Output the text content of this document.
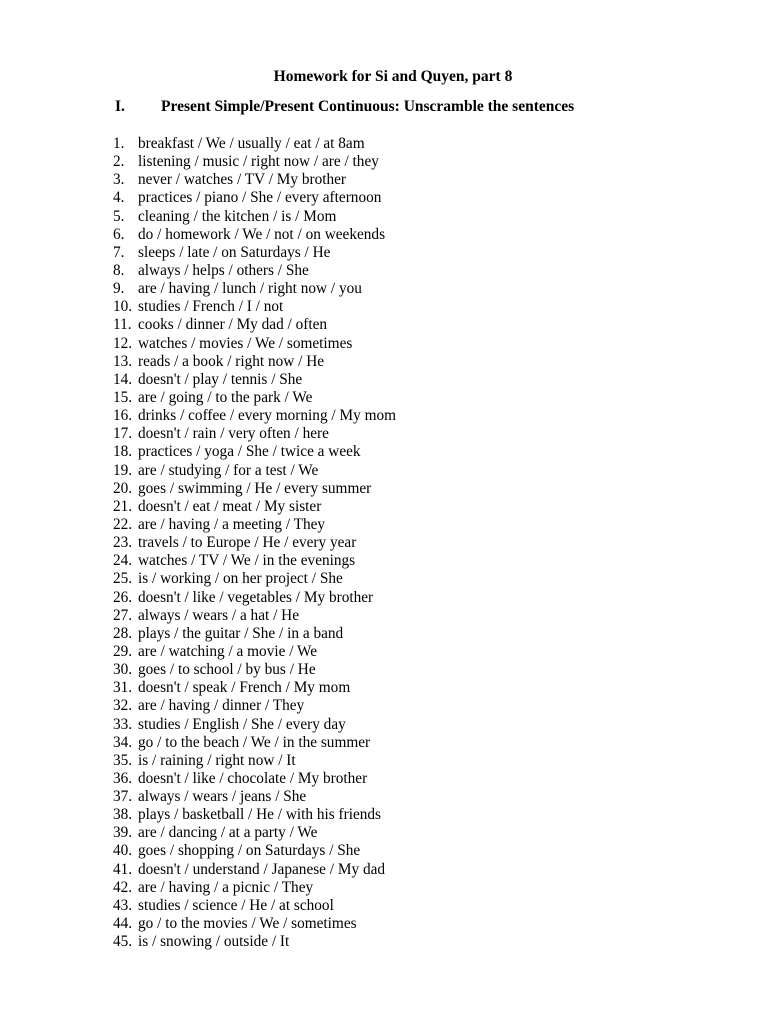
Homework for Si and Quyen, part 8
I. Present Simple/Present Continuous: Unscramble the sentences
1. breakfast / We / usually / eat / at 8am
2. listening / music / right now / are / they
3. never / watches / TV / My brother
4. practices / piano / She / every afternoon
5. cleaning / the kitchen / is / Mom
6. do / homework / We / not / on weekends
7. sleeps / late / on Saturdays / He
8. always / helps / others / She
9. are / having / lunch / right now / you
10. studies / French / I / not
11. cooks / dinner / My dad / often
12. watches / movies / We / sometimes
13. reads / a book / right now / He
14. doesn't / play / tennis / She
15. are / going / to the park / We
16. drinks / coffee / every morning / My mom
17. doesn't / rain / very often / here
18. practices / yoga / She / twice a week
19. are / studying / for a test / We
20. goes / swimming / He / every summer
21. doesn't / eat / meat / My sister
22. are / having / a meeting / They
23. travels / to Europe / He / every year
24. watches / TV / We / in the evenings
25. is / working / on her project / She
26. doesn't / like / vegetables / My brother
27. always / wears / a hat / He
28. plays / the guitar / She / in a band
29. are / watching / a movie / We
30. goes / to school / by bus / He
31. doesn't / speak / French / My mom
32. are / having / dinner / They
33. studies / English / She / every day
34. go / to the beach / We / in the summer
35. is / raining / right now / It
36. doesn't / like / chocolate / My brother
37. always / wears / jeans / She
38. plays / basketball / He / with his friends
39. are / dancing / at a party / We
40. goes / shopping / on Saturdays / She
41. doesn't / understand / Japanese / My dad
42. are / having / a picnic / They
43. studies / science / He / at school
44. go / to the movies / We / sometimes
45. is / snowing / outside / It
